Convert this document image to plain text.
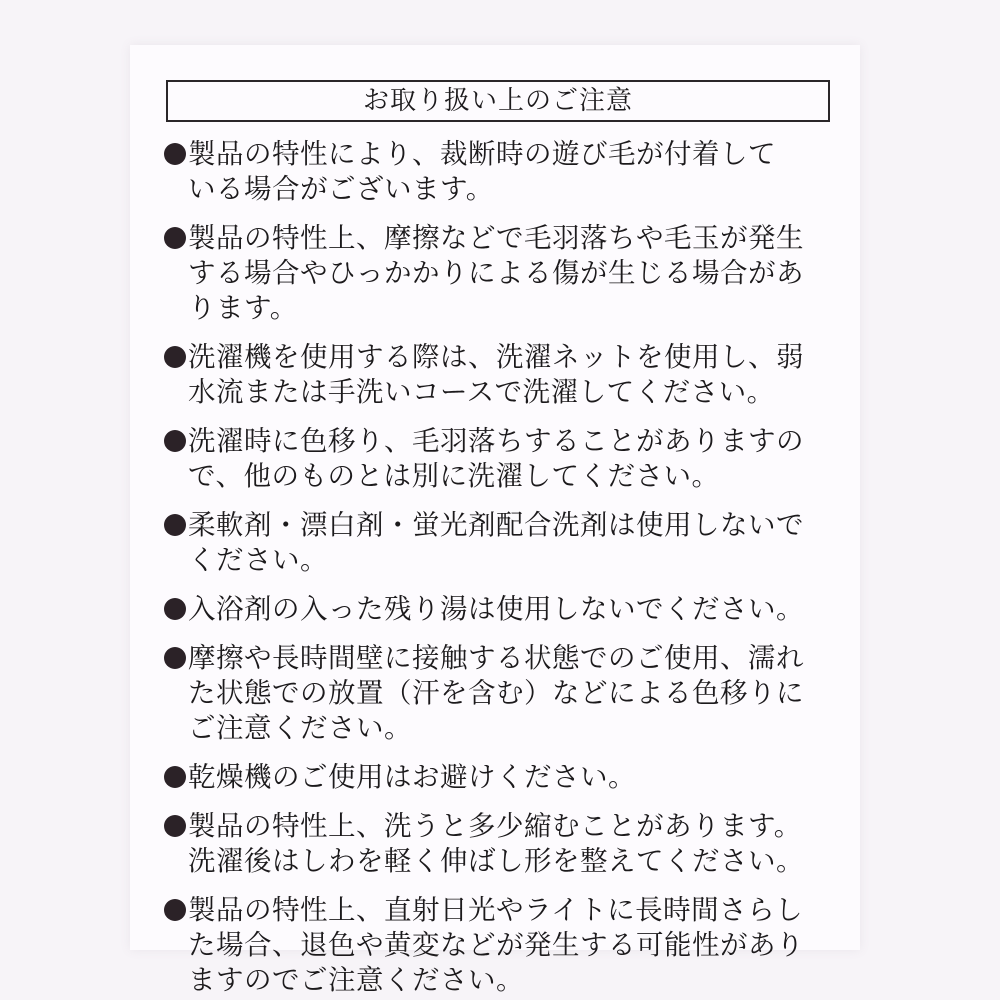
お取り扱い上のご注意
製品の特性により、裁断時の遊び毛が付着して
いる場合がございます。
製品の特性上、摩擦などで毛羽落ちや毛玉が発生
する場合やひっかかりによる傷が生じる場合があ
ります。
洗濯機を使用する際は、洗濯ネットを使用し、弱
水流または手洗いコースで洗濯してください。
洗濯時に色移り、毛羽落ちすることがありますの
で、他のものとは別に洗濯してください。
柔軟剤・漂白剤・蛍光剤配合洗剤は使用しないで
ください。
入浴剤の入った残り湯は使用しないでください。
摩擦や長時間壁に接触する状態でのご使用、濡れ
た状態での放置（汗を含む）などによる色移りに
ご注意ください。
乾燥機のご使用はお避けください。
製品の特性上、洗うと多少縮むことがあります。
洗濯後はしわを軽く伸ばし形を整えてください。
製品の特性上、直射日光やライトに長時間さらし
た場合、退色や黄変などが発生する可能性があり
ますのでご注意ください。
